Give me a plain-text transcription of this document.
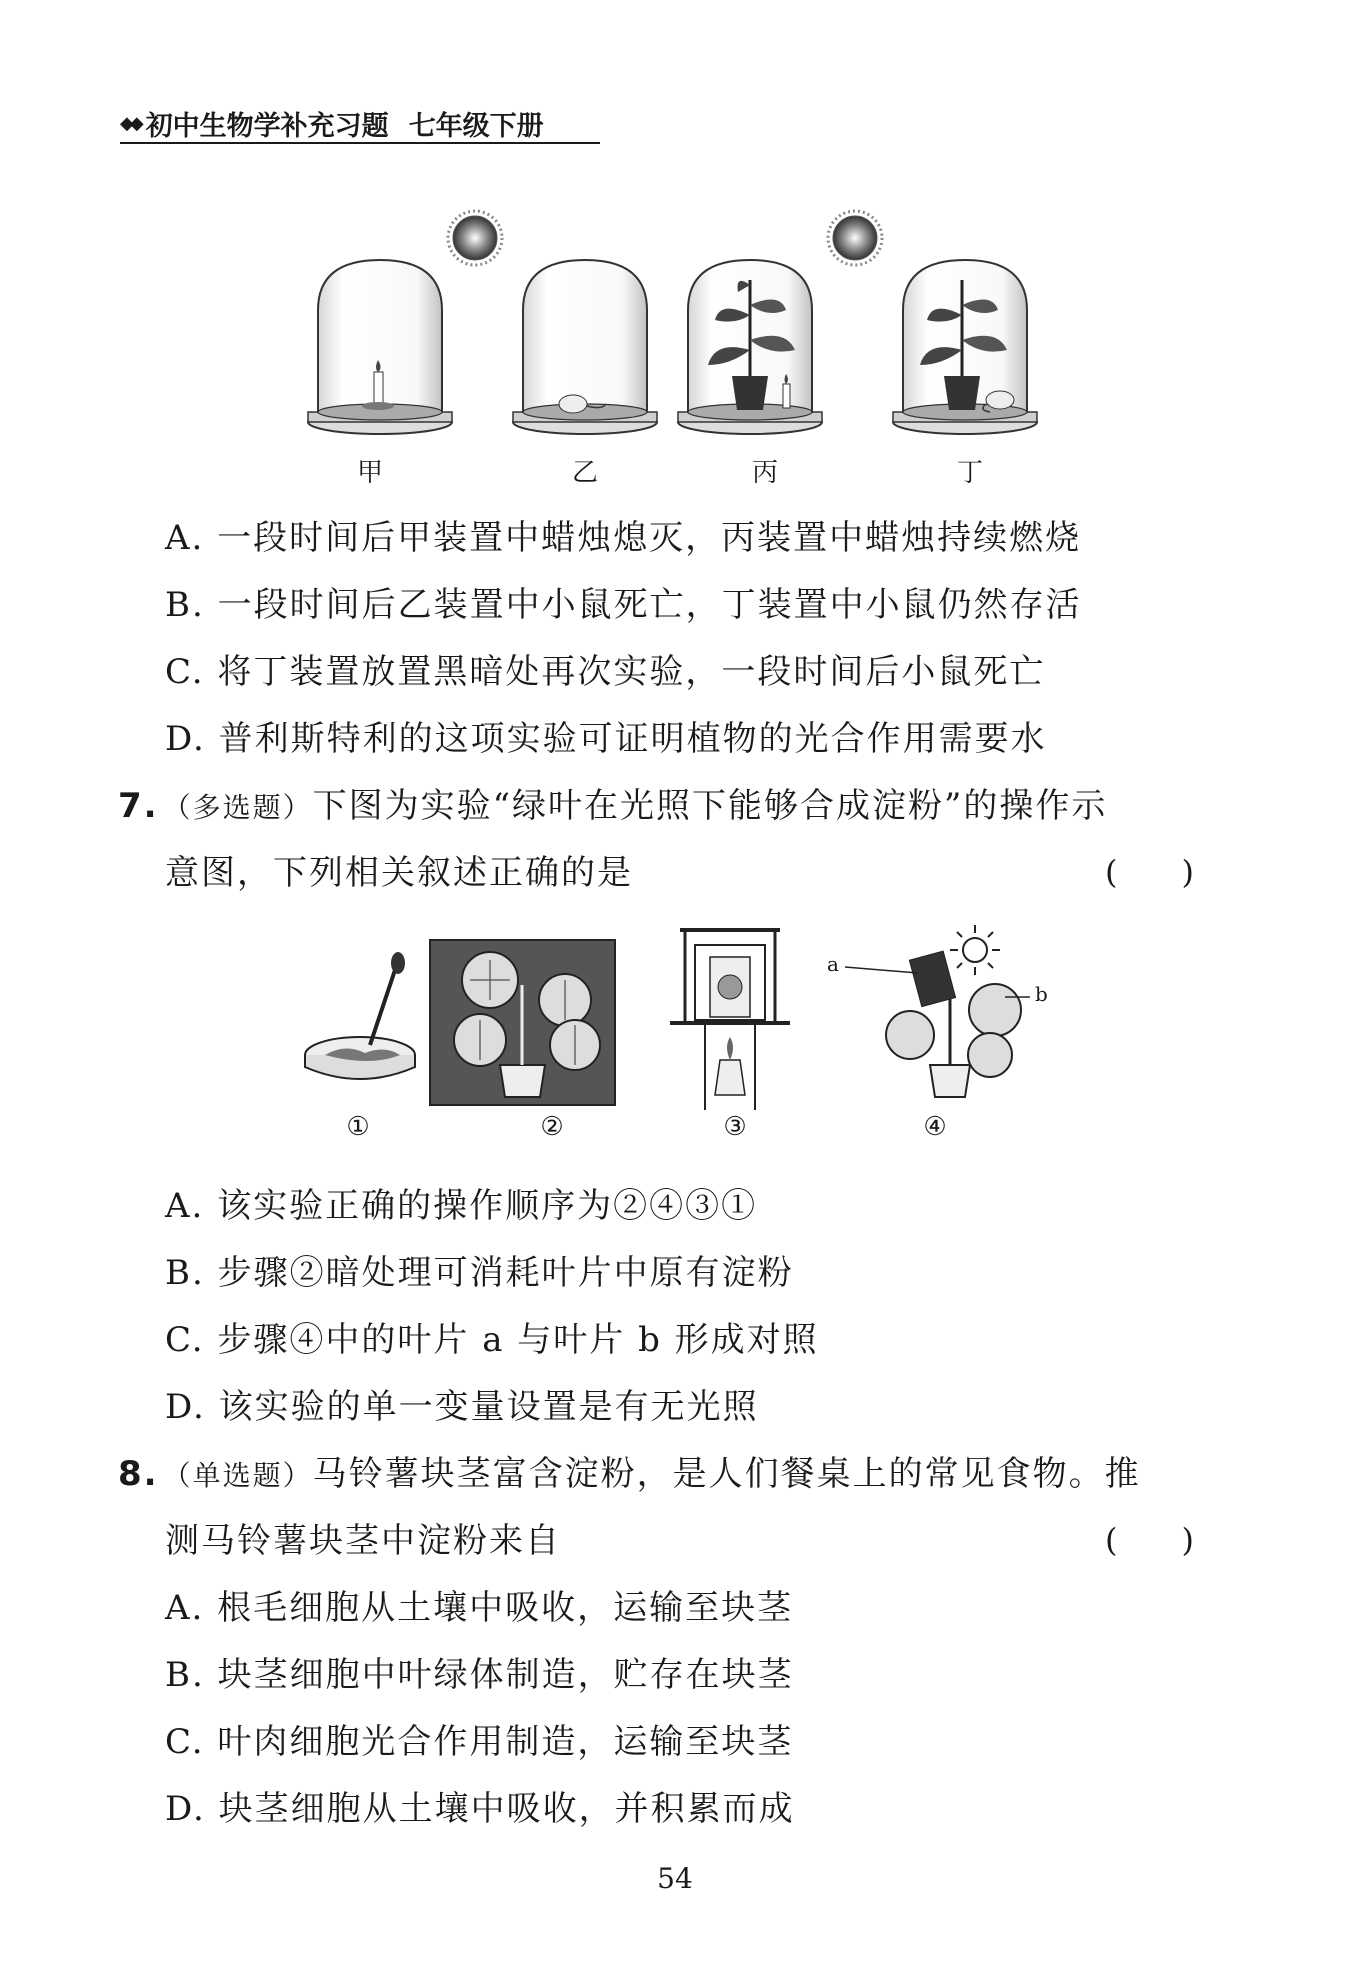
◆◆ 初中生物学补充习题 七年级下册
甲	乙	丙	丁
A. 一段时间后甲装置中蜡烛熄灭，丙装置中蜡烛持续燃烧
B. 一段时间后乙装置中小鼠死亡，丁装置中小鼠仍然存活
C. 将丁装置放置黑暗处再次实验，一段时间后小鼠死亡
D. 普利斯特利的这项实验可证明植物的光合作用需要水
7. （多选题）下图为实验“绿叶在光照下能够合成淀粉”的操作示
意图，下列相关叙述正确的是	(　　)
a
b
①	②	③	④
A. 该实验正确的操作顺序为②④③①
B. 步骤②暗处理可消耗叶片中原有淀粉
C. 步骤④中的叶片 a 与叶片 b 形成对照
D. 该实验的单一变量设置是有无光照
8. （单选题）马铃薯块茎富含淀粉，是人们餐桌上的常见食物。推
测马铃薯块茎中淀粉来自	(　　)
A. 根毛细胞从土壤中吸收，运输至块茎
B. 块茎细胞中叶绿体制造，贮存在块茎
C. 叶肉细胞光合作用制造，运输至块茎
D. 块茎细胞从土壤中吸收，并积累而成
54
